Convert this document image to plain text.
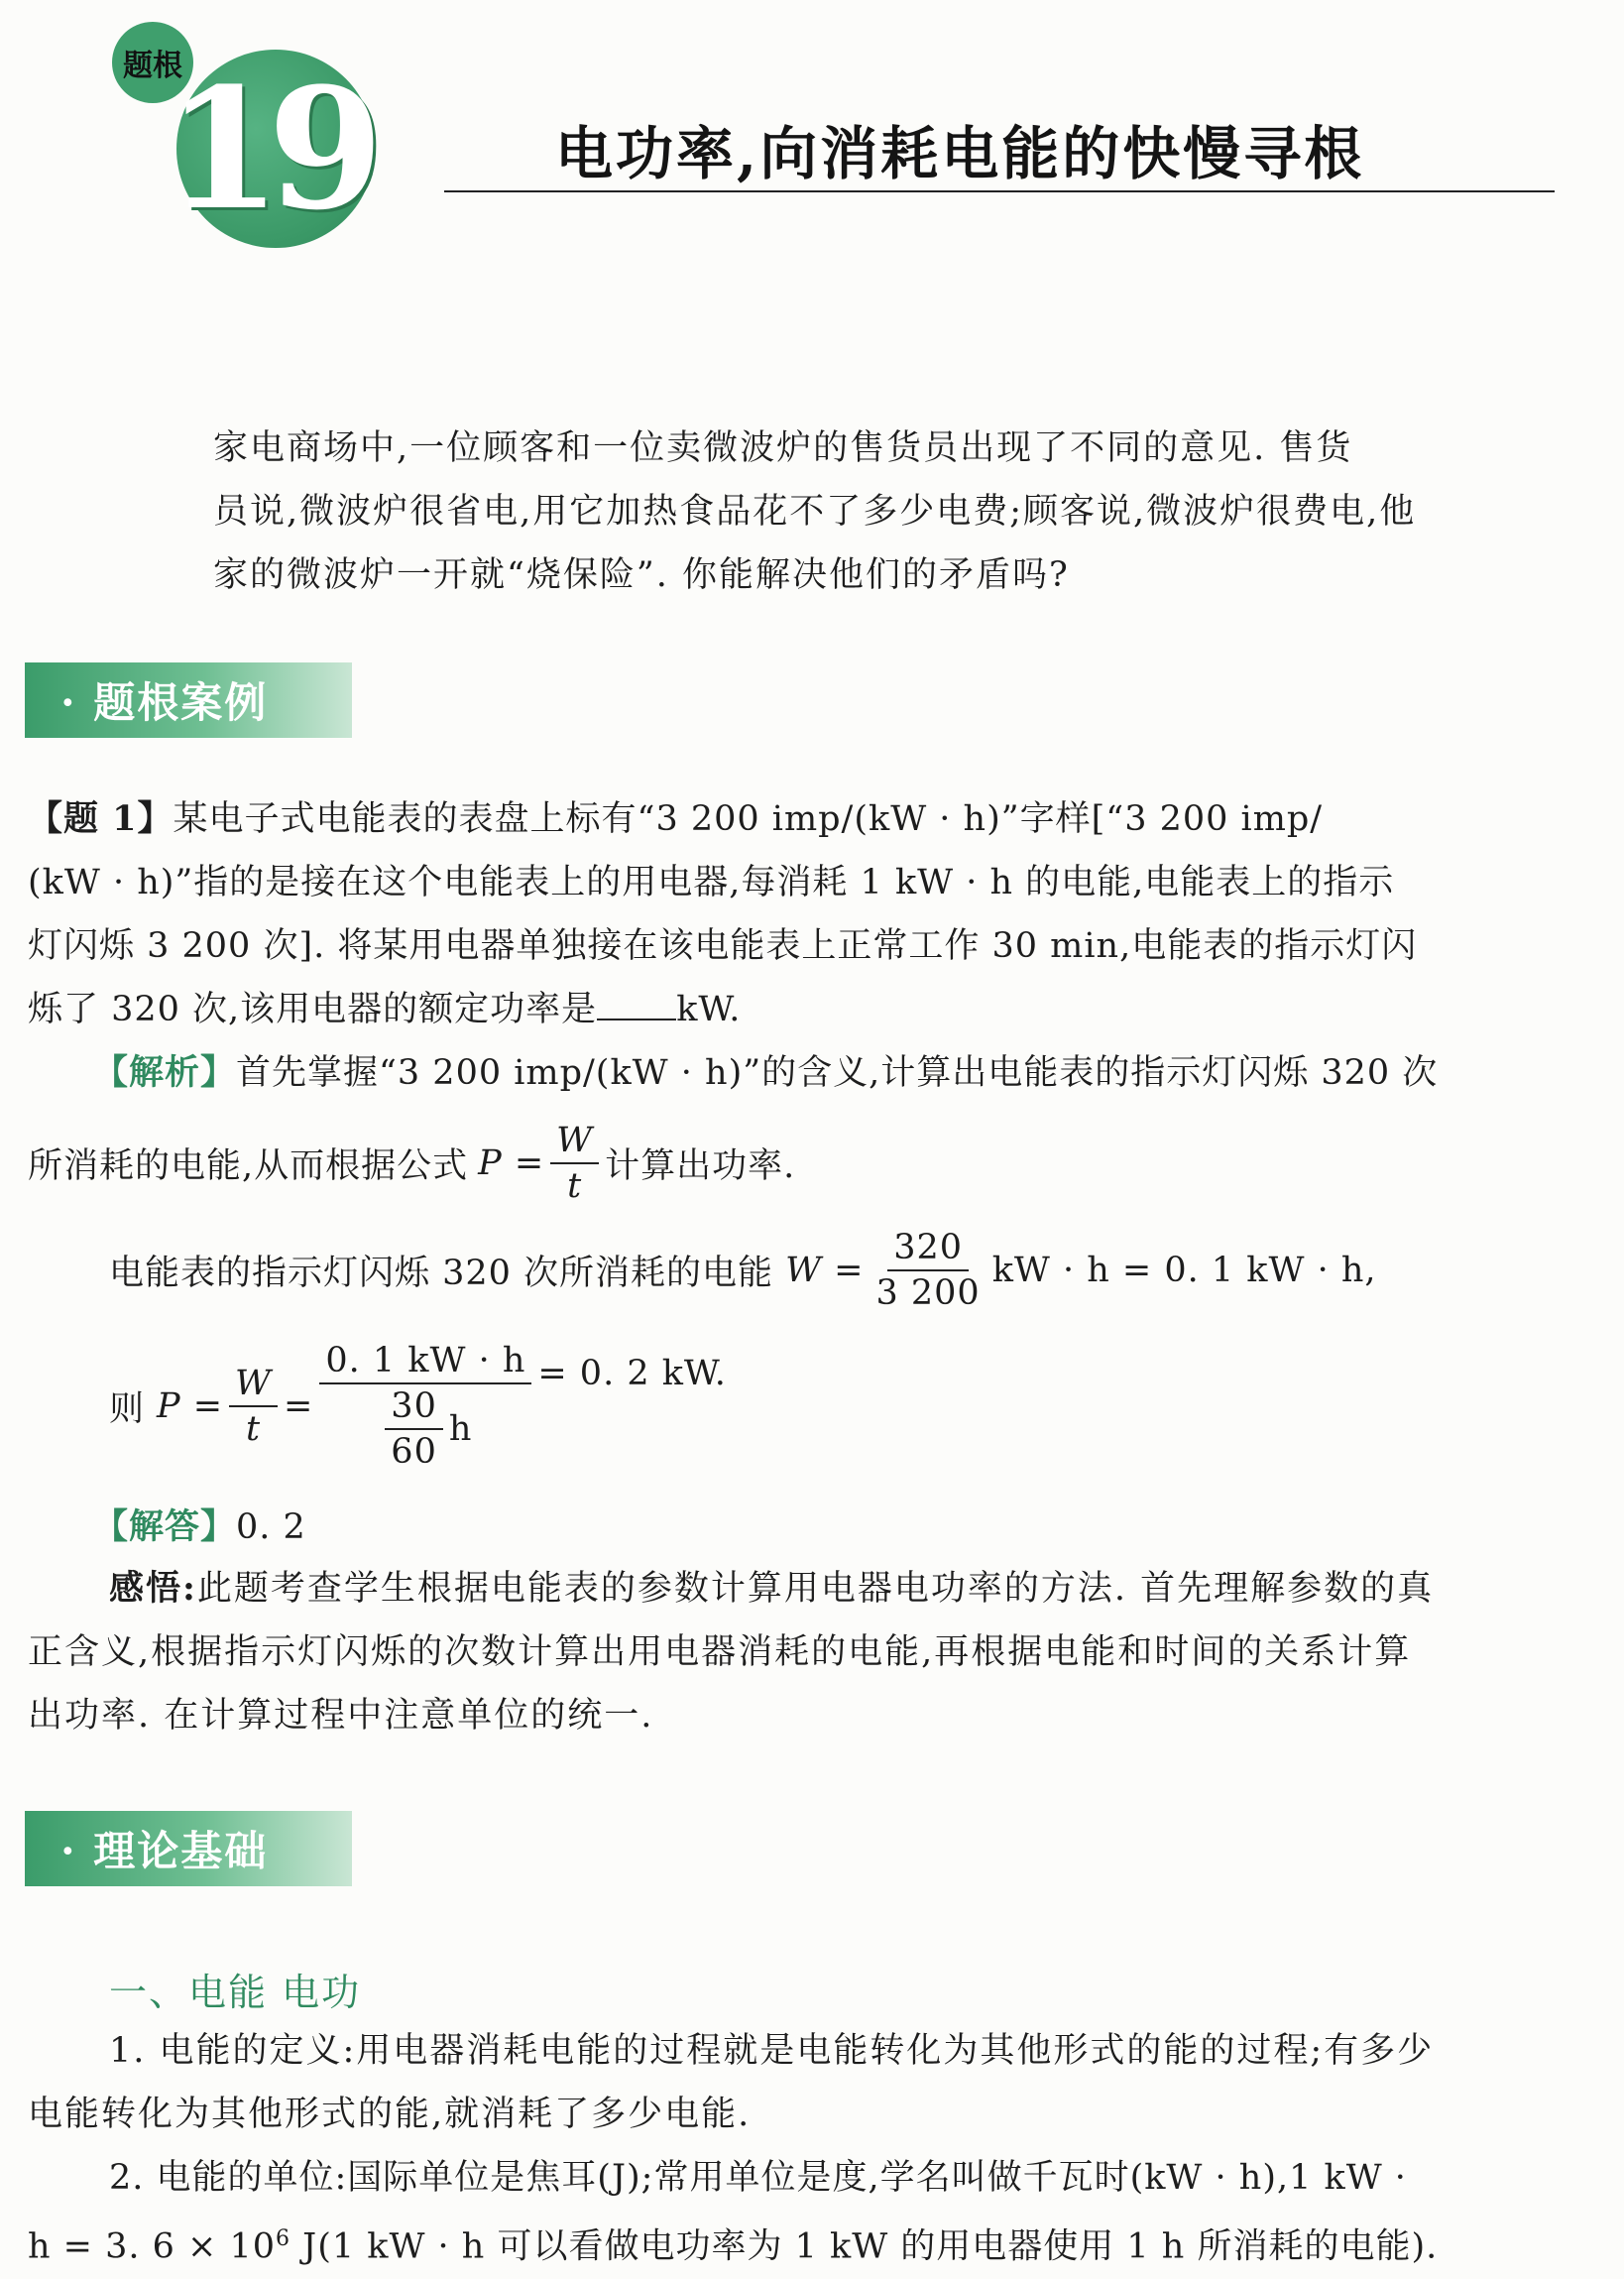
题根
19	电功率,向消耗电能的快慢寻根
家电商场中,一位顾客和一位卖微波炉的售货员出现了不同的意见. 售货
员说,微波炉很省电,用它加热食品花不了多少电费;顾客说,微波炉很费电,他
家的微波炉一开就“烧保险”. 你能解决他们的矛盾吗?
· 题根案例
【题 1】某电子式电能表的表盘上标有“3 200 imp/(kW · h)”字样[“3 200 imp/
(kW · h)”指的是接在这个电能表上的用电器,每消耗 1 kW · h 的电能,电能表上的指示
灯闪烁 3 200 次]. 将某用电器单独接在该电能表上正常工作 30 min,电能表的指示灯闪
烁了 320 次,该用电器的额定功率是 kW.
【解析】首先掌握“3 200 imp/(kW · h)”的含义,计算出电能表的指示灯闪烁 320 次
所消耗的电能,从而根据公式 $P = \frac{W}{t}$ 计算出功率.
电能表的指示灯闪烁 320 次所消耗的电能 $W = \frac{320}{3 200}$ kW · h = 0. 1 kW · h,
则 $P = \frac{W}{t} = \frac{0. 1 kW \cdot h}{\frac{30}{60} h} = 0$. 2 kW.
【解答】0. 2
感悟:此题考查学生根据电能表的参数计算用电器电功率的方法. 首先理解参数的真
正含义,根据指示灯闪烁的次数计算出用电器消耗的电能,再根据电能和时间的关系计算
出功率. 在计算过程中注意单位的统一.
· 理论基础
一、电能 电功
1. 电能的定义:用电器消耗电能的过程就是电能转化为其他形式的能的过程;有多少
电能转化为其他形式的能,就消耗了多少电能.
2. 电能的单位:国际单位是焦耳(J);常用单位是度,学名叫做千瓦时(kW · h),1 kW ·
h = 3. $6 \times 10^6$ J(1 kW · h 可以看做电功率为 1 kW 的用电器使用 1 h 所消耗的电能).
